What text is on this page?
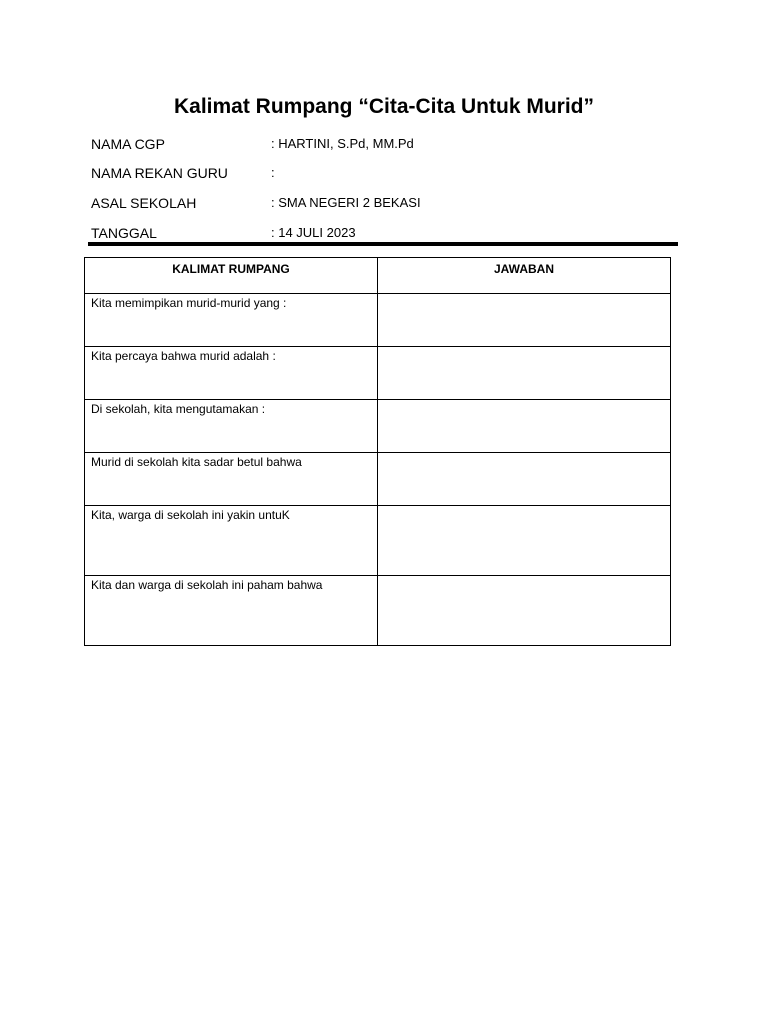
Kalimat Rumpang “Cita-Cita Untuk Murid”
NAMA CGP	: HARTINI, S.Pd, MM.Pd
NAMA REKAN GURU	:
ASAL SEKOLAH	: SMA NEGERI 2 BEKASI
TANGGAL	: 14 JULI 2023
KALIMAT RUMPANG	JAWABAN
Kita memimpikan murid-murid yang :	
Kita percaya bahwa murid adalah :	
Di sekolah, kita mengutamakan :	
Murid di sekolah kita sadar betul bahwa	
Kita, warga di sekolah ini yakin untuK	
Kita dan warga di sekolah ini paham bahwa	
